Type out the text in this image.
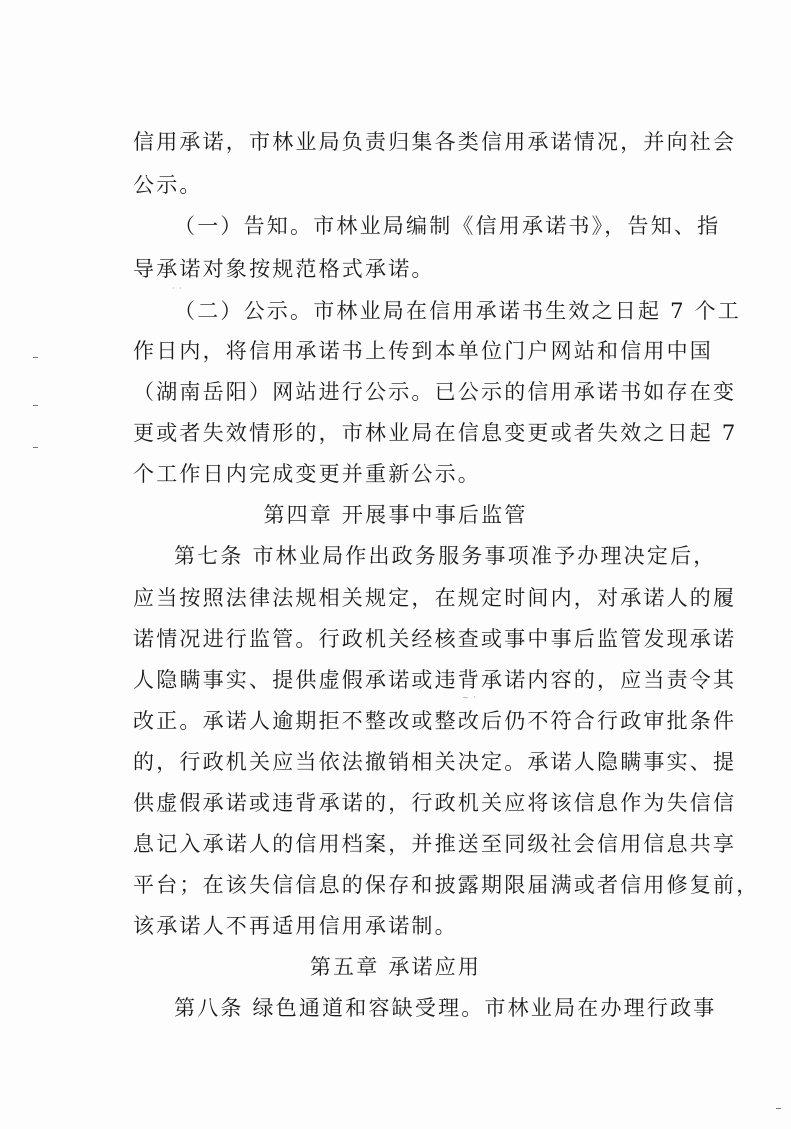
· ·
~ ·
信用承诺，市林业局负责归集各类信用承诺情况，并向社会
公示。
（一）告知。市林业局编制《信用承诺书》，告知、指
导承诺对象按规范格式承诺。
（二）公示。市林业局在信用承诺书生效之日起 7 个工
作日内，将信用承诺书上传到本单位门户网站和信用中国
（湖南岳阳）网站进行公示。已公示的信用承诺书如存在变
更或者失效情形的，市林业局在信息变更或者失效之日起 7
个工作日内完成变更并重新公示。
第四章 开展事中事后监管
第七条 市林业局作出政务服务事项准予办理决定后，
应当按照法律法规相关规定，在规定时间内，对承诺人的履
诺情况进行监管。行政机关经核查或事中事后监管发现承诺
人隐瞒事实、提供虚假承诺或违背承诺内容的，应当责令其
改正。承诺人逾期拒不整改或整改后仍不符合行政审批条件
的，行政机关应当依法撤销相关决定。承诺人隐瞒事实、提
供虚假承诺或违背承诺的，行政机关应将该信息作为失信信
息记入承诺人的信用档案，并推送至同级社会信用信息共享
平台；在该失信信息的保存和披露期限届满或者信用修复前，
该承诺人不再适用信用承诺制。
第五章 承诺应用
第八条 绿色通道和容缺受理。市林业局在办理行政事
